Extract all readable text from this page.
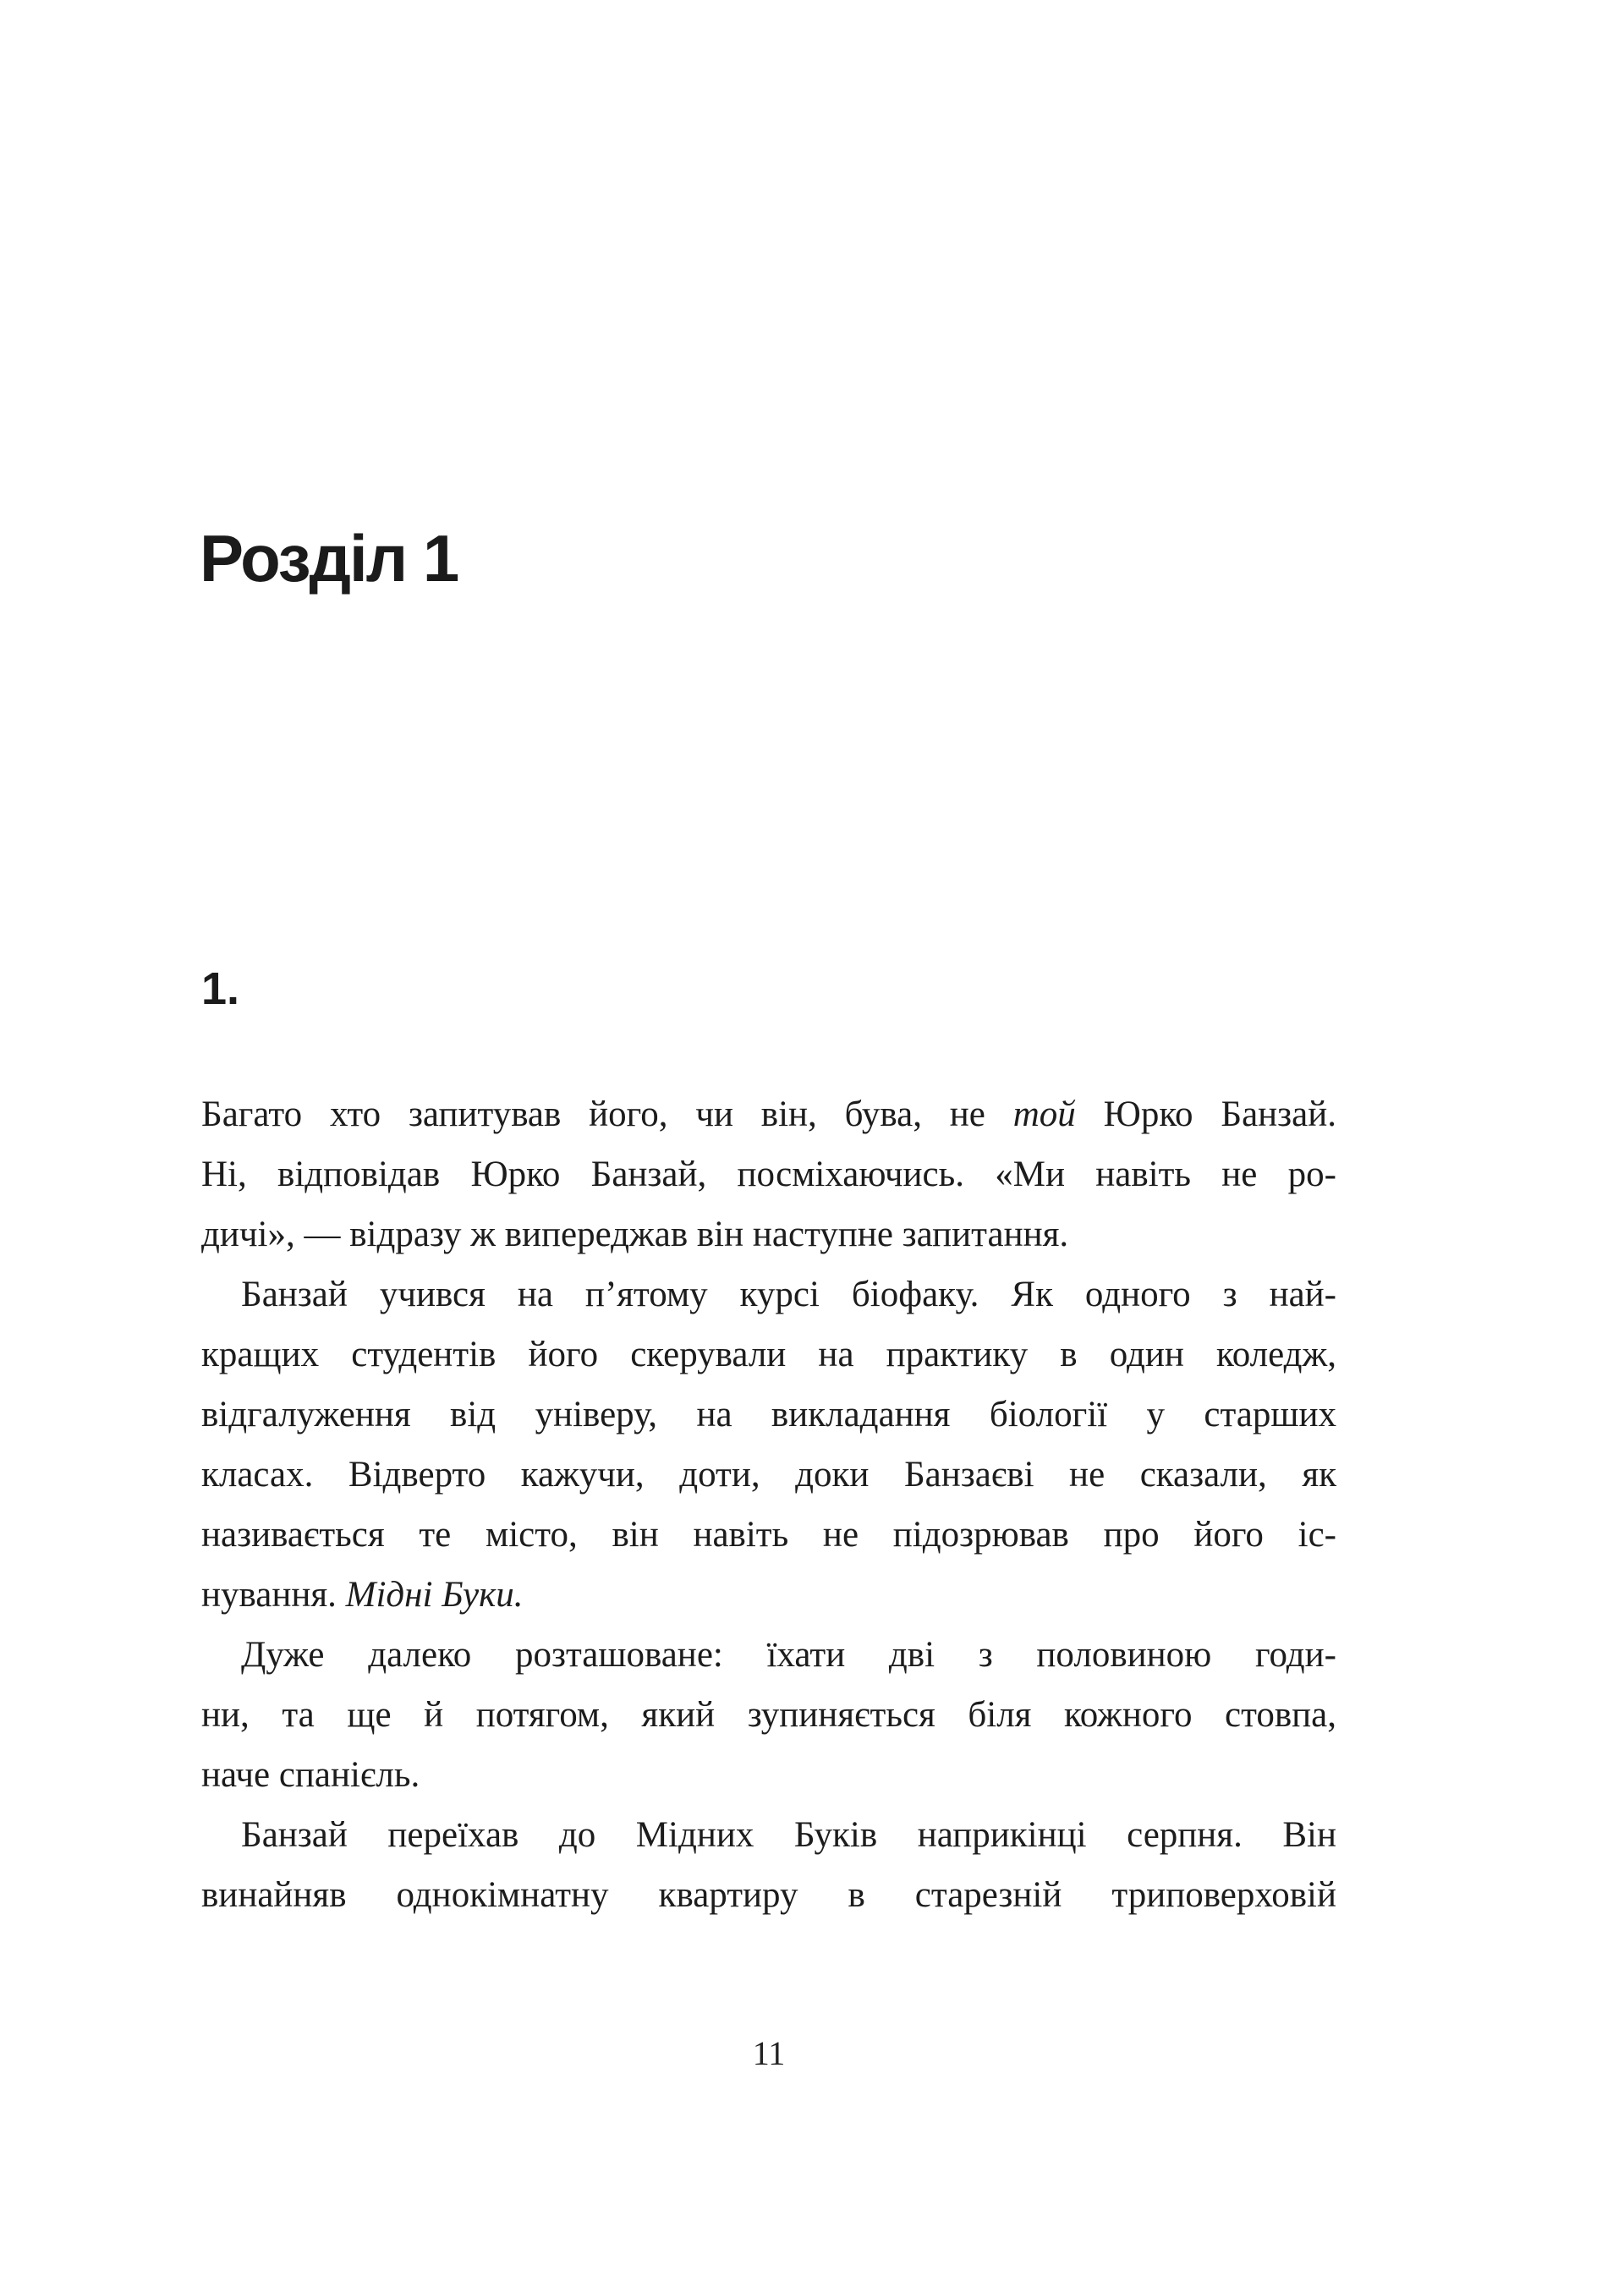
Розділ 1
1.
Багато хто запитував його, чи він, бува, не той Юрко Банзай.
Ні, відповідав Юрко Банзай, посміхаючись. «Ми навіть не ро-
дичі», — відразу ж випереджав він наступне запитання.
Банзай учився на п’ятому курсі біофаку. Як одного з най-
кращих студентів його скерували на практику в один коледж,
відгалуження від універу, на викладання біології у старших
класах. Відверто кажучи, доти, доки Банзаєві не сказали, як
називається те місто, він навіть не підозрював про його іс-
нування. Мідні Буки.
Дуже далеко розташоване: їхати дві з половиною годи-
ни, та ще й потягом, який зупиняється біля кожного стовпа,
наче спанієль.
Банзай переїхав до Мідних Буків наприкінці серпня. Він
винайняв однокімнатну квартиру в старезній триповерховій
11
